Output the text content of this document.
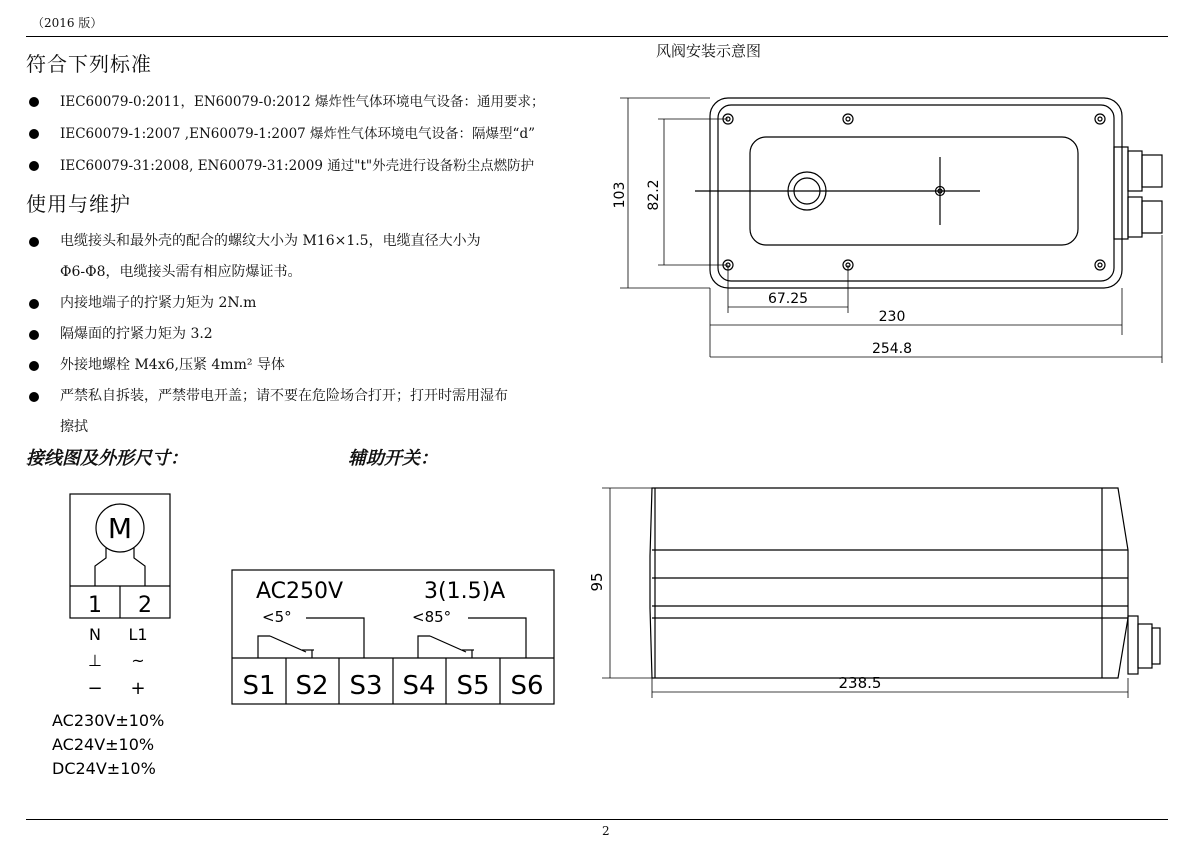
（2016 版）
符合下列标准
IEC60079-0:2011，EN60079-0:2012 爆炸性气体环境电气设备：通用要求；
IEC60079-1:2007 ,EN60079-1:2007 爆炸性气体环境电气设备：隔爆型“d”
IEC60079-31:2008, EN60079-31:2009 通过"t"外壳进行设备粉尘点燃防护
使用与维护
电缆接头和最外壳的配合的螺纹大小为 M16×1.5，电缆直径大小为
Φ6-Φ8，电缆接头需有相应防爆证书。
内接地端子的拧紧力矩为 2N.m
隔爆面的拧紧力矩为 3.2
外接地螺栓 M4x6,压紧 4mm² 导体
严禁私自拆装，严禁带电开盖；请不要在危险场合打开；打开时需用湿布
擦拭
接线图及外形尺寸：	辅助开关：
风阀安装示意图
103 82.2
67.25
230
254.8
95
238.5
M
1 2
N L1
⊥ ~
− +
AC230V±10%
AC24V±10%
DC24V±10%
AC250V	3(1.5)A
<5°	<85°
S1 S2 S3 S4 S5 S6
2
